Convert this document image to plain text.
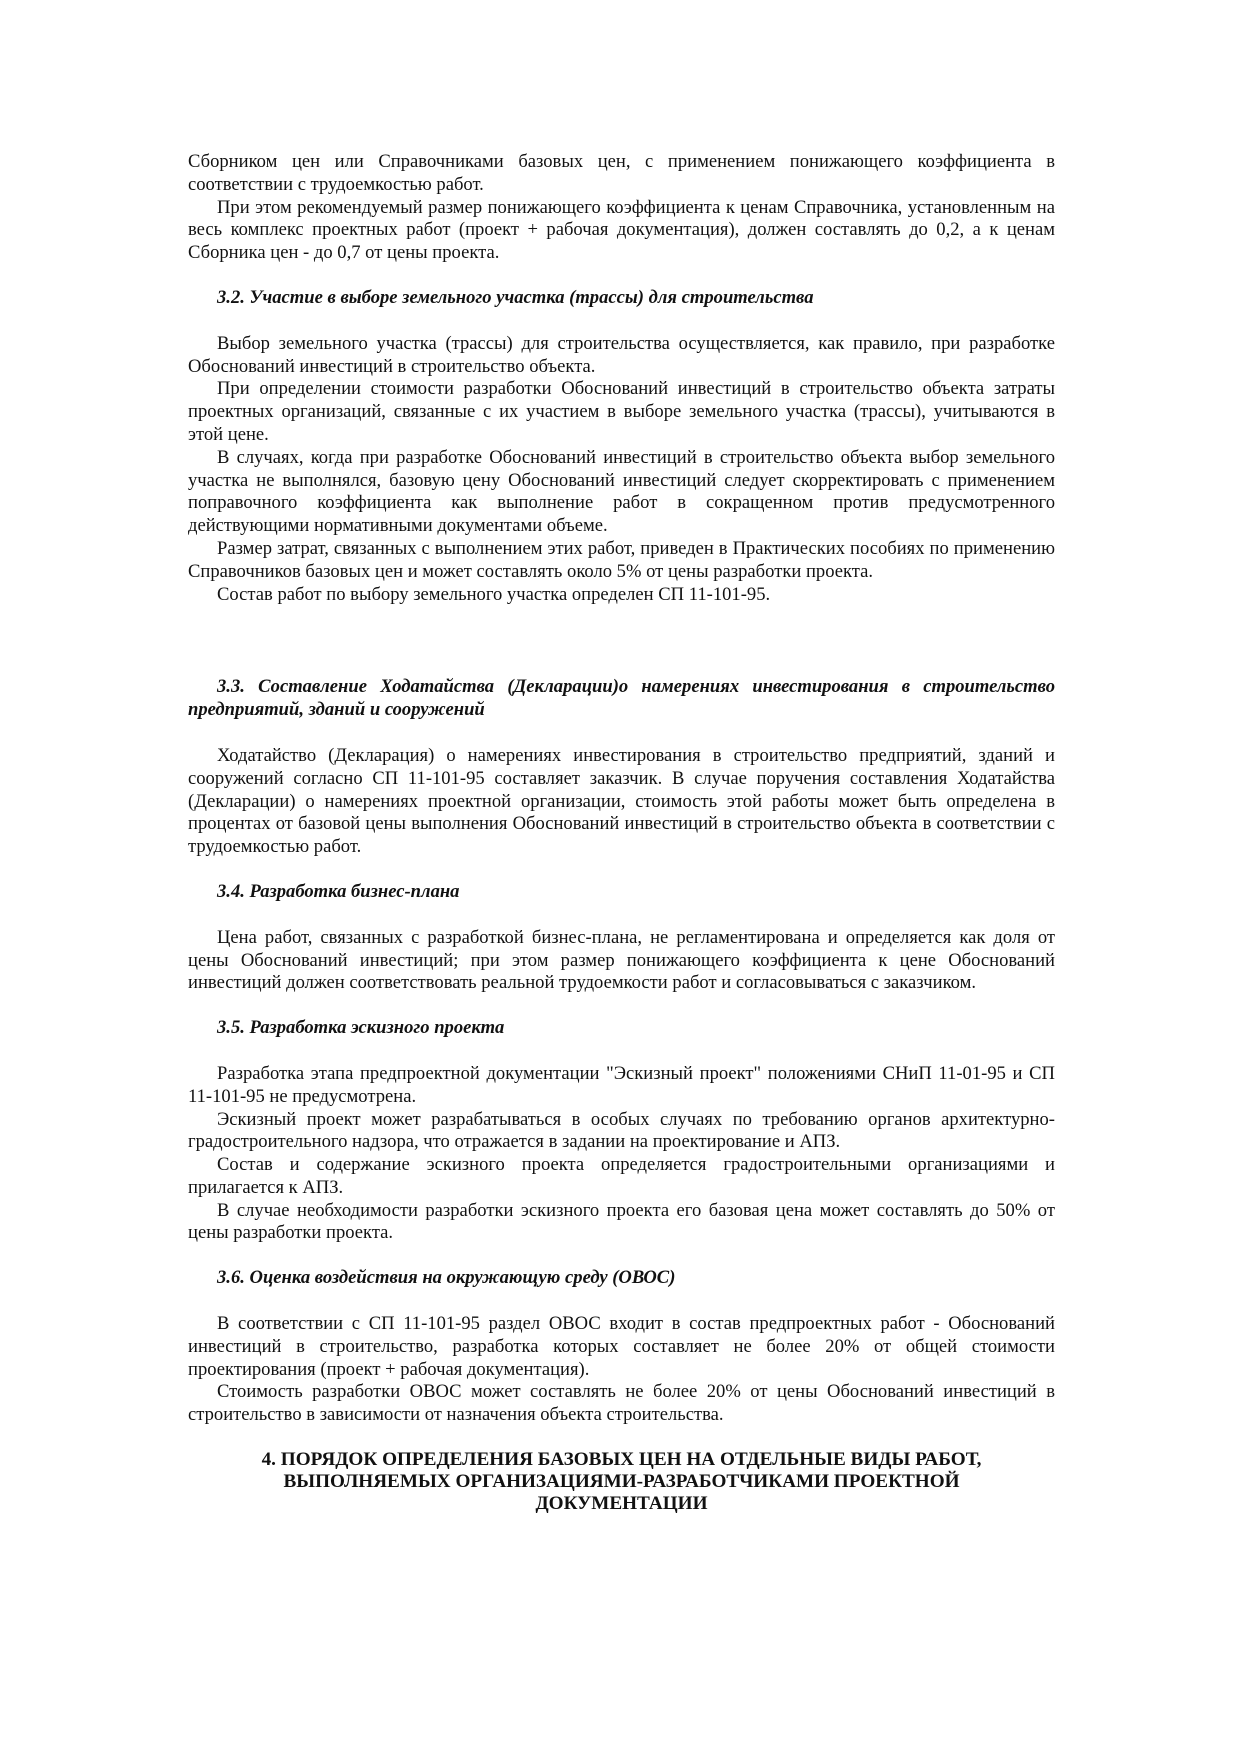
Сборником цен или Справочниками базовых цен, с применением понижающего коэффициента в соответствии с трудоемкостью работ.

При этом рекомендуемый размер понижающего коэффициента к ценам Справочника, установленным на весь комплекс проектных работ (проект + рабочая документация), должен составлять до 0,2, а к ценам Сборника цен - до 0,7 от цены проекта.

3.2. Участие в выборе земельного участка (трассы) для строительства

Выбор земельного участка (трассы) для строительства осуществляется, как правило, при разработке Обоснований инвестиций в строительство объекта.

При определении стоимости разработки Обоснований инвестиций в строительство объекта затраты проектных организаций, связанные с их участием в выборе земельного участка (трассы), учитываются в этой цене.

В случаях, когда при разработке Обоснований инвестиций в строительство объекта выбор земельного участка не выполнялся, базовую цену Обоснований инвестиций следует скорректировать с применением поправочного коэффициента как выполнение работ в сокращенном против предусмотренного действующими нормативными документами объеме.

Размер затрат, связанных с выполнением этих работ, приведен в Практических пособиях по применению Справочников базовых цен и может составлять около 5% от цены разработки проекта.

Состав работ по выбору земельного участка определен СП 11-101-95.

3.3. Составление Ходатайства (Декларации)о намерениях инвестирования в строительство предприятий, зданий и сооружений

Ходатайство (Декларация) о намерениях инвестирования в строительство предприятий, зданий и сооружений согласно СП 11-101-95 составляет заказчик. В случае поручения составления Ходатайства (Декларации) о намерениях проектной организации, стоимость этой работы может быть определена в процентах от базовой цены выполнения Обоснований инвестиций в строительство объекта в соответствии с трудоемкостью работ.

3.4. Разработка бизнес-плана

Цена работ, связанных с разработкой бизнес-плана, не регламентирована и определяется как доля от цены Обоснований инвестиций; при этом размер понижающего коэффициента к цене Обоснований инвестиций должен соответствовать реальной трудоемкости работ и согласовываться с заказчиком.

3.5. Разработка эскизного проекта

Разработка этапа предпроектной документации "Эскизный проект" положениями СНиП 11-01-95 и СП 11-101-95 не предусмотрена.

Эскизный проект может разрабатываться в особых случаях по требованию органов архитектурно-градостроительного надзора, что отражается в задании на проектирование и АПЗ.

Состав и содержание эскизного проекта определяется градостроительными организациями и прилагается к АПЗ.

В случае необходимости разработки эскизного проекта его базовая цена может составлять до 50% от цены разработки проекта.

3.6. Оценка воздействия на окружающую среду (ОВОС)

В соответствии с СП 11-101-95 раздел ОВОС входит в состав предпроектных работ - Обоснований инвестиций в строительство, разработка которых составляет не более 20% от общей стоимости проектирования (проект + рабочая документация).

Стоимость разработки ОВОС может составлять не более 20% от цены Обоснований инвестиций в строительство в зависимости от назначения объекта строительства.

4. ПОРЯДОК ОПРЕДЕЛЕНИЯ БАЗОВЫХ ЦЕН НА ОТДЕЛЬНЫЕ ВИДЫ РАБОТ,
ВЫПОЛНЯЕМЫХ ОРГАНИЗАЦИЯМИ-РАЗРАБОТЧИКАМИ ПРОЕКТНОЙ
ДОКУМЕНТАЦИИ
